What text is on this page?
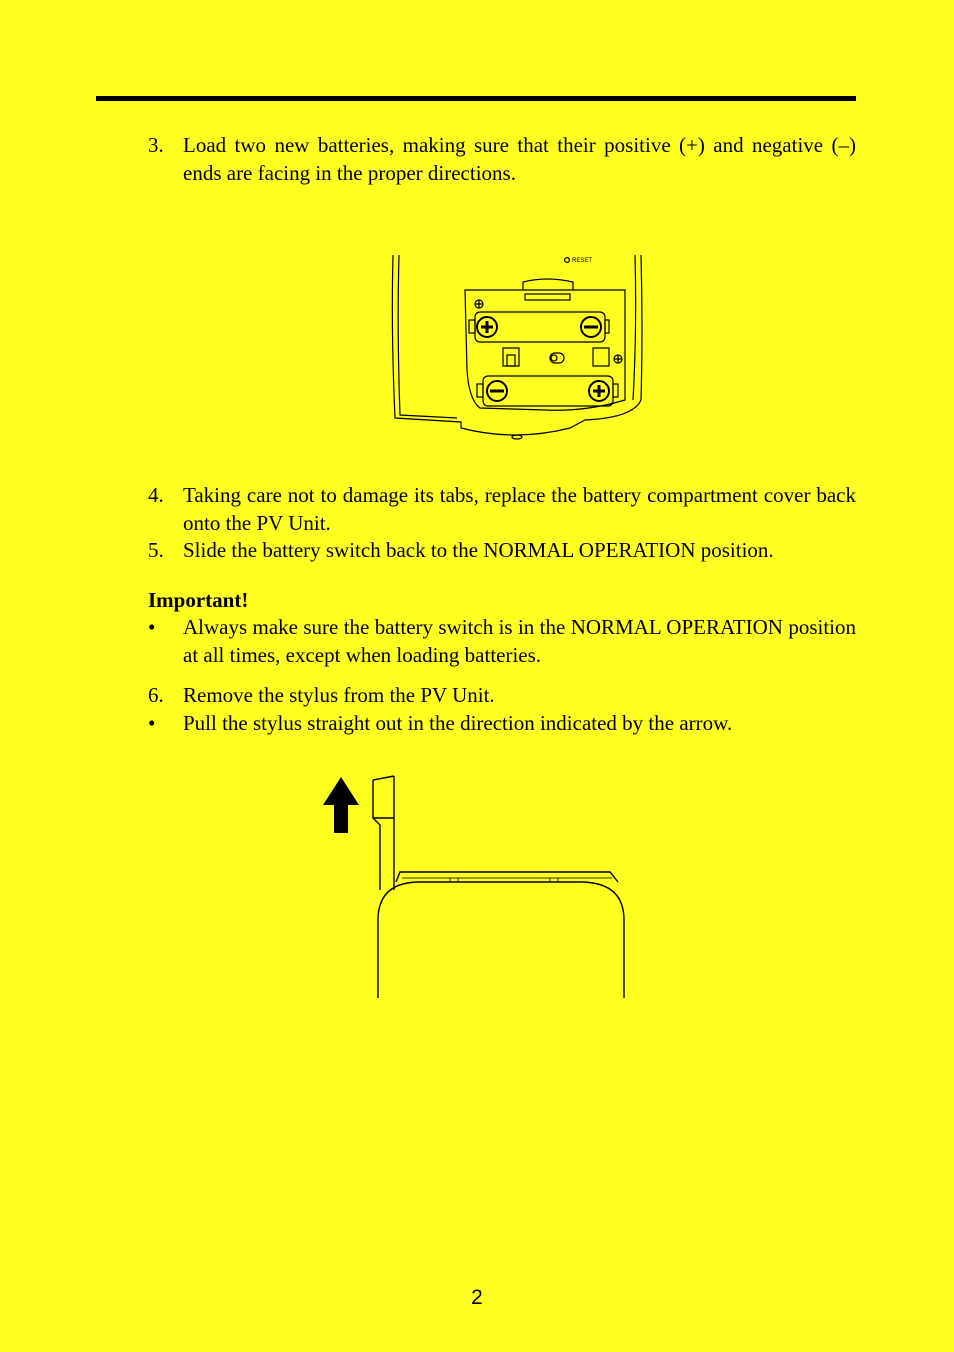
3. Load two new batteries, making sure that their positive (+) and negative (–) ends are facing in the proper directions.
RESET
4. Taking care not to damage its tabs, replace the battery compartment cover back onto the PV Unit.
5. Slide the battery switch back to the NORMAL OPERATION position.
Important!
• Always make sure the battery switch is in the NORMAL OPERATION position at all times, except when loading batteries.
6. Remove the stylus from the PV Unit.
• Pull the stylus straight out in the direction indicated by the arrow.
2
